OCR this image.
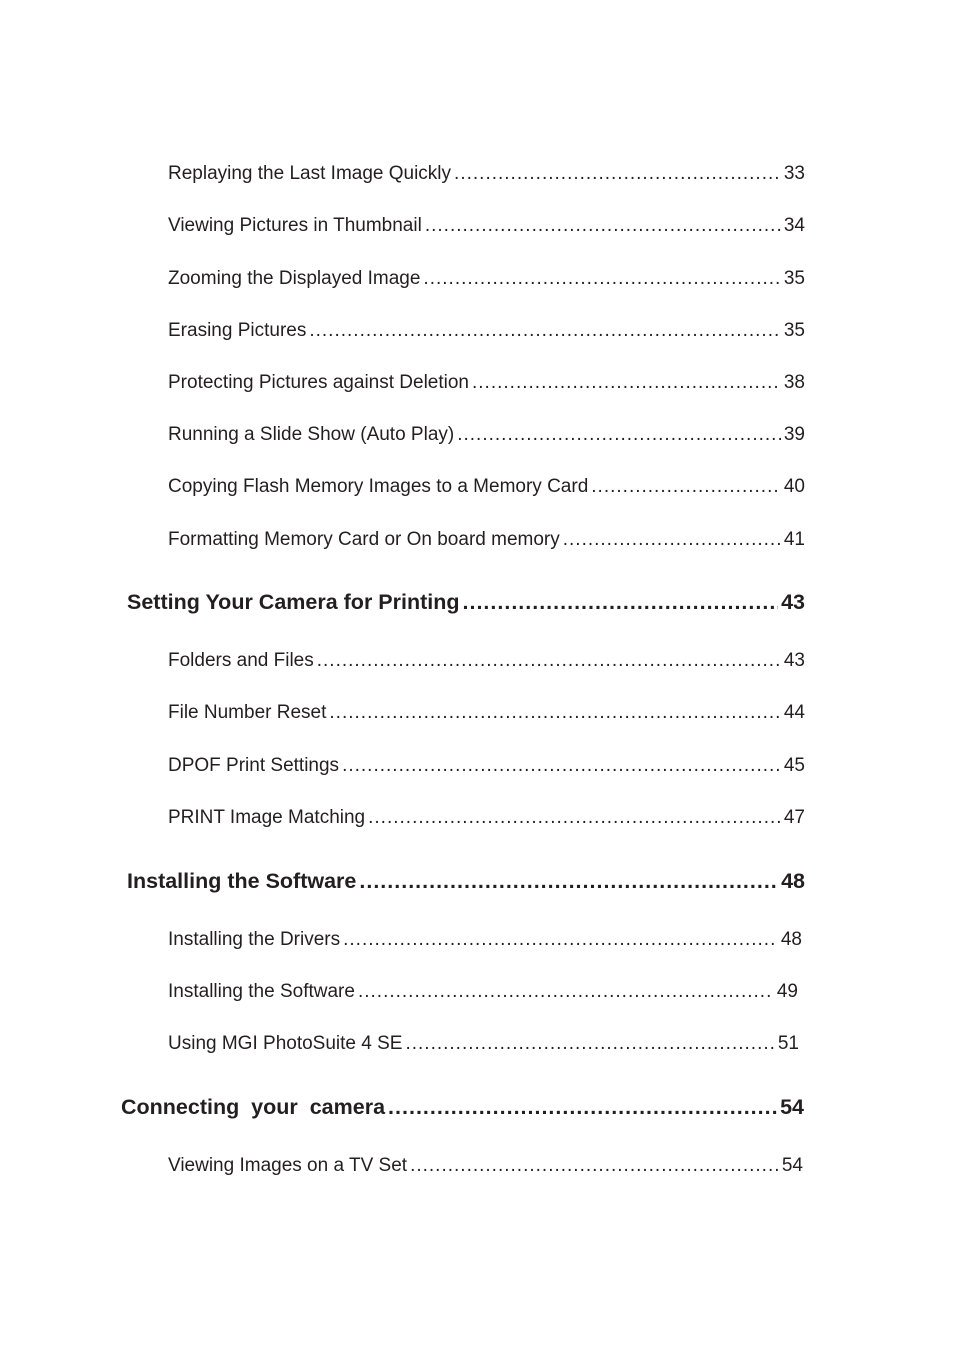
Replaying the Last Image Quickly .....	33
Viewing Pictures in Thumbnail .....	34
Zooming the Displayed Image .....	35
Erasing Pictures .....	35
Protecting Pictures against Deletion .....	38
Running a Slide Show (Auto Play) .....	39
Copying Flash Memory Images to a Memory Card .....	40
Formatting Memory Card or On board memory .....	41
Setting Your Camera for Printing .....	43
Folders and Files .....	43
File Number Reset .....	44
DPOF Print Settings .....	45
PRINT Image Matching .....	47
Installing the Software .....	48
Installing the Drivers .....	48
Installing the Software .....	49
Using MGI PhotoSuite 4 SE .....	51
Connecting  your  camera .....	54
Viewing Images on a TV Set .....	54
